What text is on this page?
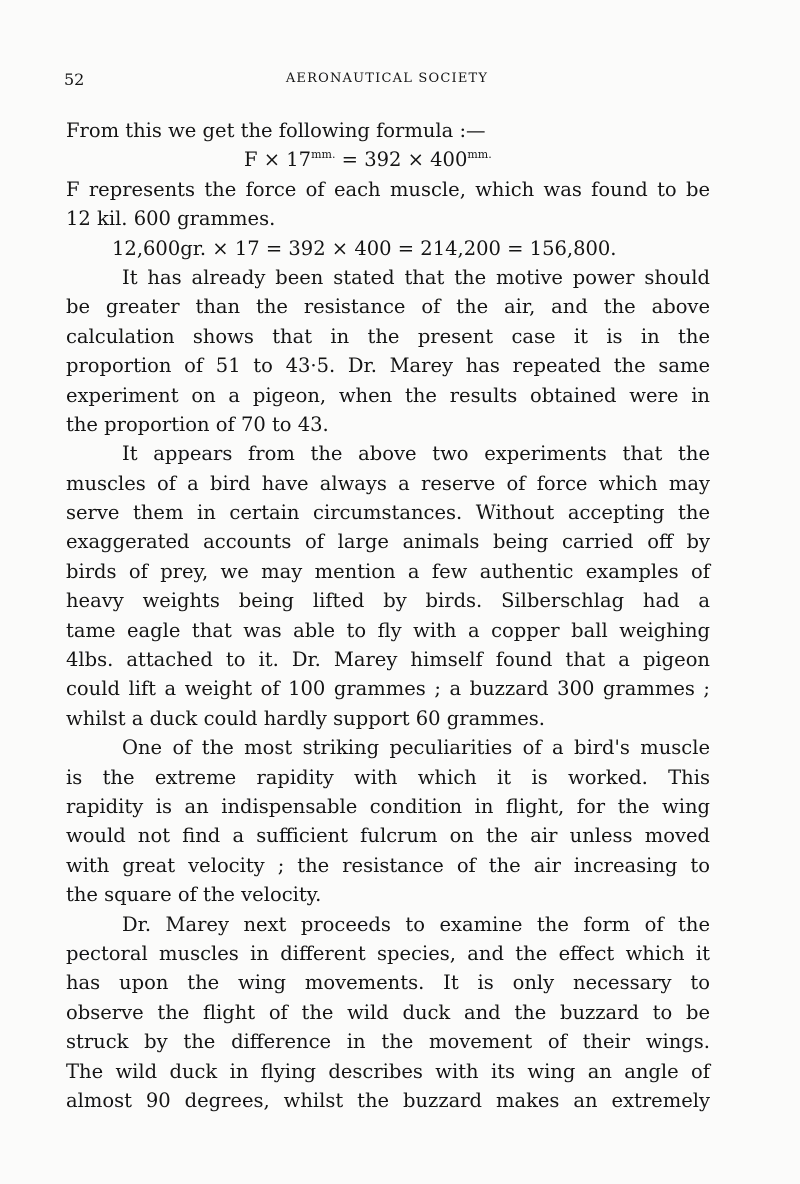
52	AERONAUTICAL SOCIETY
From this we get the following formula :—
$F \times 17^{mm.} = 392 \times 400^{mm.}$
F represents the force of each muscle, which was found to be
12 kil. 600 grammes.
12,600gr. × 17 = 392 × 400 = 214,200 = 156,800.
It has already been stated that the motive power should
be greater than the resistance of the air, and the above
calculation shows that in the present case it is in the
proportion of 51 to 43·5. Dr. Marey has repeated the same
experiment on a pigeon, when the results obtained were in
the proportion of 70 to 43.
It appears from the above two experiments that the
muscles of a bird have always a reserve of force which may
serve them in certain circumstances. Without accepting the
exaggerated accounts of large animals being carried off by
birds of prey, we may mention a few authentic examples of
heavy weights being lifted by birds. Silberschlag had a
tame eagle that was able to fly with a copper ball weighing
4lbs. attached to it. Dr. Marey himself found that a pigeon
could lift a weight of 100 grammes ; a buzzard 300 grammes ;
whilst a duck could hardly support 60 grammes.
One of the most striking peculiarities of a bird's muscle
is the extreme rapidity with which it is worked. This
rapidity is an indispensable condition in flight, for the wing
would not find a sufficient fulcrum on the air unless moved
with great velocity ; the resistance of the air increasing to
the square of the velocity.
Dr. Marey next proceeds to examine the form of the
pectoral muscles in different species, and the effect which it
has upon the wing movements. It is only necessary to
observe the flight of the wild duck and the buzzard to be
struck by the difference in the movement of their wings.
The wild duck in flying describes with its wing an angle of
almost 90 degrees, whilst the buzzard makes an extremely
